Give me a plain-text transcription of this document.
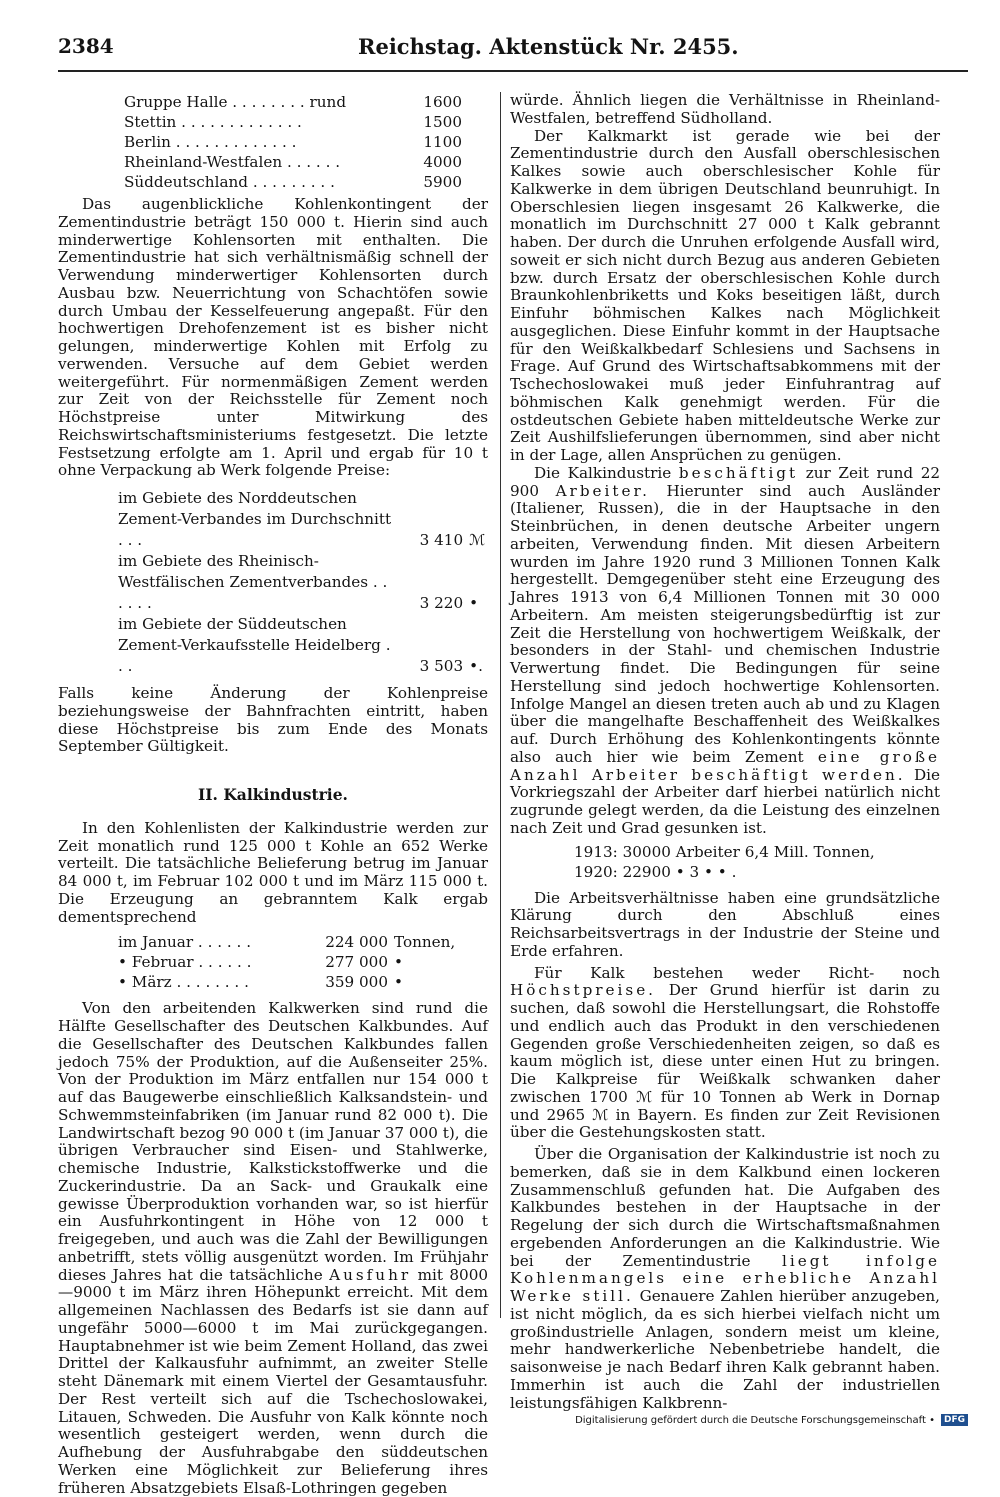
2384	Reichstag. Aktenstück Nr. 2455.
Gruppe Halle . . . . . . . . rund	1600
Stettin . . . . . . . . . . . . .	1500
Berlin . . . . . . . . . . . . .	1100
Rheinland-Westfalen . . . . . .	4000
Süddeutschland . . . . . . . . .	5900

Das augenblickliche Kohlenkontingent der Zementindustrie beträgt 150 000 t. Hierin sind auch minderwertige Kohlensorten mit enthalten. Die Zementindustrie hat sich verhältnismäßig schnell der Verwendung minderwertiger Kohlensorten durch Ausbau bzw. Neuerrichtung von Schachtöfen sowie durch Umbau der Kesselfeuerung angepaßt. Für den hochwertigen Drehofenzement ist es bisher nicht gelungen, minderwertige Kohlen mit Erfolg zu verwenden. Versuche auf dem Gebiet werden weitergeführt. Für normenmäßigen Zement werden zur Zeit von der Reichsstelle für Zement noch Höchstpreise unter Mitwirkung des Reichswirtschaftsministeriums festgesetzt. Die letzte Festsetzung erfolgte am 1. April und ergab für 10 t ohne Verpackung ab Werk folgende Preise:

im Gebiete des Norddeutschen Zement-Verbandes im Durchschnitt . . .	3 410 ℳ
im Gebiete des Rheinisch-Westfälischen Zementverbandes . . . . . .	3 220 •
im Gebiete der Süddeutschen Zement-Verkaufsstelle Heidelberg . . .	3 503 •.

Falls keine Änderung der Kohlenpreise beziehungsweise der Bahnfrachten eintritt, haben diese Höchstpreise bis zum Ende des Monats September Gültigkeit.

II. Kalkindustrie.

In den Kohlenlisten der Kalkindustrie werden zur Zeit monatlich rund 125 000 t Kohle an 652 Werke verteilt. Die tatsächliche Belieferung betrug im Januar 84 000 t, im Februar 102 000 t und im März 115 000 t. Die Erzeugung an gebranntem Kalk ergab dementsprechend

im Januar . . . . . .	224 000 Tonnen,
• Februar . . . . . .	277 000 •
• März . . . . . . . .	359 000 •

Von den arbeitenden Kalkwerken sind rund die Hälfte Gesellschafter des Deutschen Kalkbundes. Auf die Gesellschafter des Deutschen Kalkbundes fallen jedoch 75% der Produktion, auf die Außenseiter 25%. Von der Produktion im März entfallen nur 154 000 t auf das Baugewerbe einschließlich Kalksandstein- und Schwemmsteinfabriken (im Januar rund 82 000 t). Die Landwirtschaft bezog 90 000 t (im Januar 37 000 t), die übrigen Verbraucher sind Eisen- und Stahlwerke, chemische Industrie, Kalkstickstoffwerke und die Zuckerindustrie. Da an Sack- und Graukalk eine gewisse Überproduktion vorhanden war, so ist hierfür ein Ausfuhrkontingent in Höhe von 12 000 t freigegeben, und auch was die Zahl der Bewilligungen anbetrifft, stets völlig ausgenützt worden. Im Frühjahr dieses Jahres hat die tatsächliche Ausfuhr mit 8000—9000 t im März ihren Höhepunkt erreicht. Mit dem allgemeinen Nachlassen des Bedarfs ist sie dann auf ungefähr 5000—6000 t im Mai zurückgegangen. Hauptabnehmer ist wie beim Zement Holland, das zwei Drittel der Kalkausfuhr aufnimmt, an zweiter Stelle steht Dänemark mit einem Viertel der Gesamtausfuhr. Der Rest verteilt sich auf die Tschechoslowakei, Litauen, Schweden. Die Ausfuhr von Kalk könnte noch wesentlich gesteigert werden, wenn durch die Aufhebung der Ausfuhrabgabe den süddeutschen Werken eine Möglichkeit zur Belieferung ihres früheren Absatzgebiets Elsaß-Lothringen gegeben

würde. Ähnlich liegen die Verhältnisse in Rheinland-Westfalen, betreffend Südholland.

Der Kalkmarkt ist gerade wie bei der Zementindustrie durch den Ausfall oberschlesischen Kalkes sowie auch oberschlesischer Kohle für Kalkwerke in dem übrigen Deutschland beunruhigt. In Oberschlesien liegen insgesamt 26 Kalkwerke, die monatlich im Durchschnitt 27 000 t Kalk gebrannt haben. Der durch die Unruhen erfolgende Ausfall wird, soweit er sich nicht durch Bezug aus anderen Gebieten bzw. durch Ersatz der oberschlesischen Kohle durch Braunkohlenbriketts und Koks beseitigen läßt, durch Einfuhr böhmischen Kalkes nach Möglichkeit ausgeglichen. Diese Einfuhr kommt in der Hauptsache für den Weißkalkbedarf Schlesiens und Sachsens in Frage. Auf Grund des Wirtschaftsabkommens mit der Tschechoslowakei muß jeder Einfuhrantrag auf böhmischen Kalk genehmigt werden. Für die ostdeutschen Gebiete haben mitteldeutsche Werke zur Zeit Aushilfslieferungen übernommen, sind aber nicht in der Lage, allen Ansprüchen zu genügen.

Die Kalkindustrie beschäftigt zur Zeit rund 22 900 Arbeiter. Hierunter sind auch Ausländer (Italiener, Russen), die in der Hauptsache in den Steinbrüchen, in denen deutsche Arbeiter ungern arbeiten, Verwendung finden. Mit diesen Arbeitern wurden im Jahre 1920 rund 3 Millionen Tonnen Kalk hergestellt. Demgegenüber steht eine Erzeugung des Jahres 1913 von 6,4 Millionen Tonnen mit 30 000 Arbeitern. Am meisten steigerungsbedürftig ist zur Zeit die Herstellung von hochwertigem Weißkalk, der besonders in der Stahl- und chemischen Industrie Verwertung findet. Die Bedingungen für seine Herstellung sind jedoch hochwertige Kohlensorten. Infolge Mangel an diesen treten auch ab und zu Klagen über die mangelhafte Beschaffenheit des Weißkalkes auf. Durch Erhöhung des Kohlenkontingents könnte also auch hier wie beim Zement eine große Anzahl Arbeiter beschäftigt werden. Die Vorkriegszahl der Arbeiter darf hierbei natürlich nicht zugrunde gelegt werden, da die Leistung des einzelnen nach Zeit und Grad gesunken ist.

1913: 30000 Arbeiter 6,4 Mill. Tonnen,
1920: 22900 • 3 • • .

Die Arbeitsverhältnisse haben eine grundsätzliche Klärung durch den Abschluß eines Reichsarbeitsvertrags in der Industrie der Steine und Erde erfahren.

Für Kalk bestehen weder Richt- noch Höchstpreise. Der Grund hierfür ist darin zu suchen, daß sowohl die Herstellungsart, die Rohstoffe und endlich auch das Produkt in den verschiedenen Gegenden große Verschiedenheiten zeigen, so daß es kaum möglich ist, diese unter einen Hut zu bringen. Die Kalkpreise für Weißkalk schwanken daher zwischen 1700 ℳ für 10 Tonnen ab Werk in Dornap und 2965 ℳ in Bayern. Es finden zur Zeit Revisionen über die Gestehungskosten statt.

Über die Organisation der Kalkindustrie ist noch zu bemerken, daß sie in dem Kalkbund einen lockeren Zusammenschluß gefunden hat. Die Aufgaben des Kalkbundes bestehen in der Hauptsache in der Regelung der sich durch die Wirtschaftsmaßnahmen ergebenden Anforderungen an die Kalkindustrie. Wie bei der Zementindustrie liegt infolge Kohlenmangels eine erhebliche Anzahl Werke still. Genauere Zahlen hierüber anzugeben, ist nicht möglich, da es sich hierbei vielfach nicht um großindustrielle Anlagen, sondern meist um kleine, mehr handwerkerliche Nebenbetriebe handelt, die saisonweise je nach Bedarf ihren Kalk gebrannt haben. Immerhin ist auch die Zahl der industriellen leistungsfähigen Kalkbrenn-

Digitalisierung gefördert durch die Deutsche Forschungsgemeinschaft •	DFG
